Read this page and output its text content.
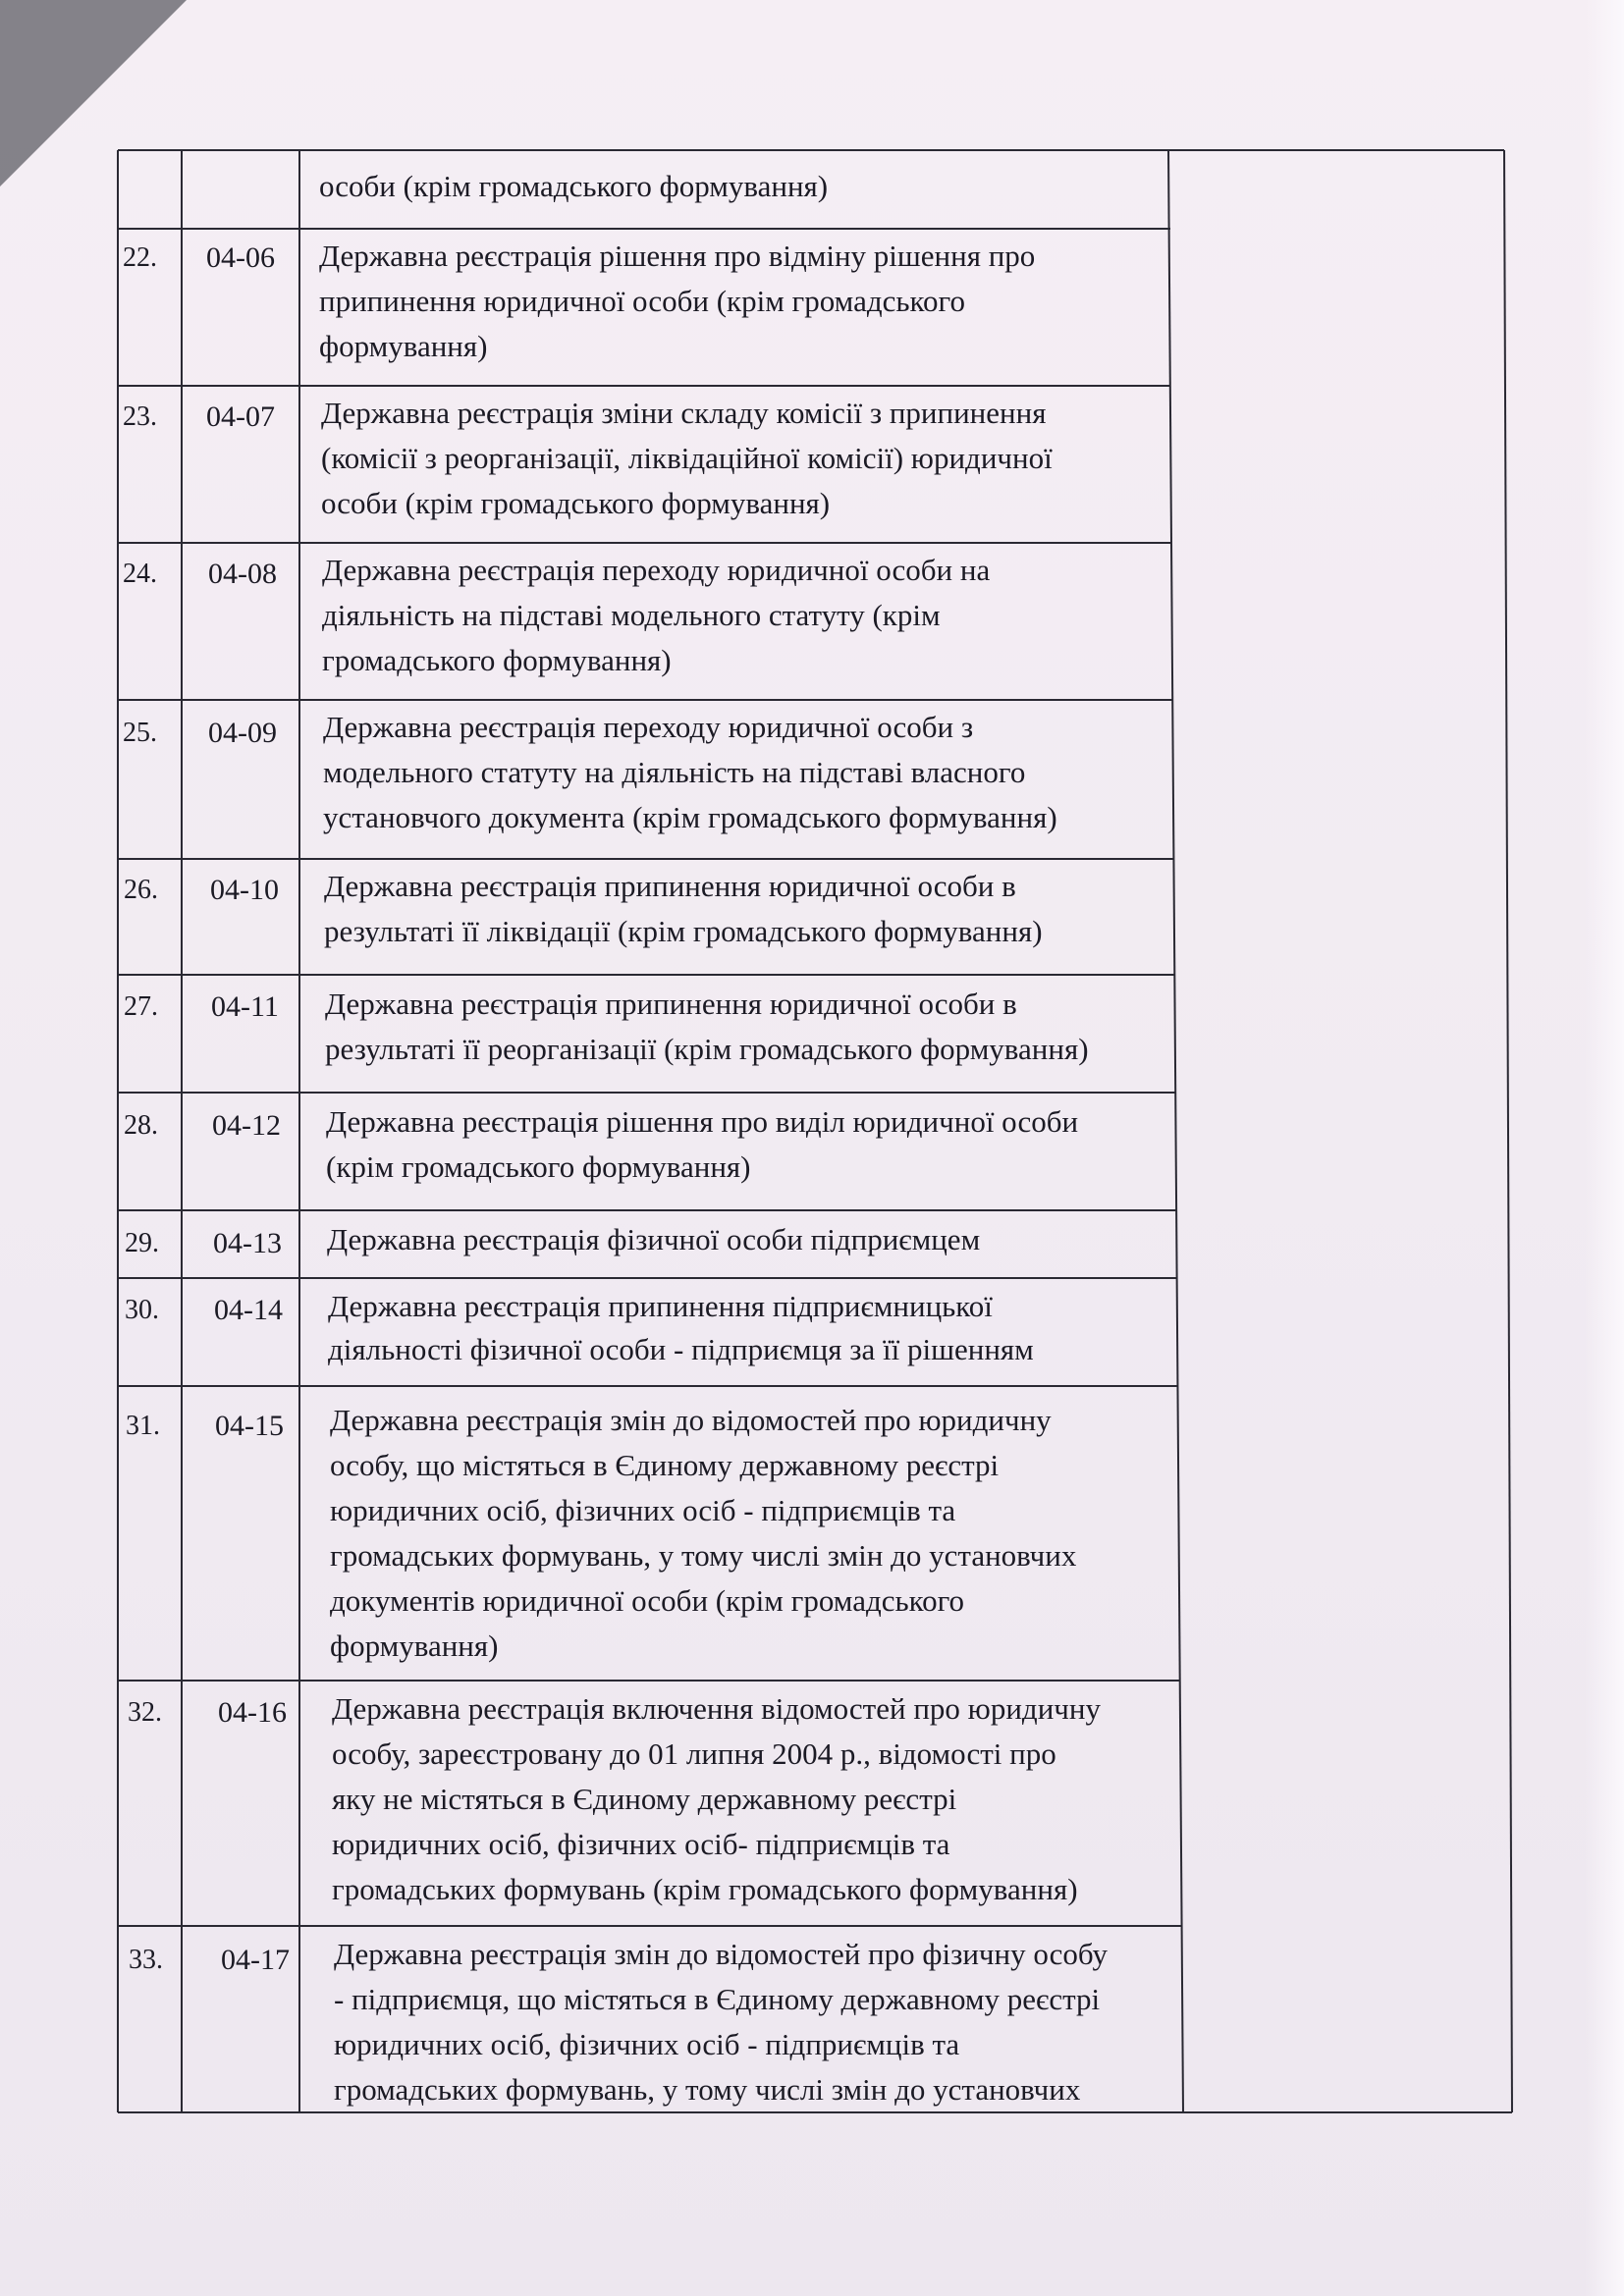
особи (крім громадського формування)
22. 04-06 Державна реєстрація рішення про відміну рішення про
припинення юридичної особи (крім громадського
формування)
23. 04-07 Державна реєстрація зміни складу комісії з припинення
(комісії з реорганізації, ліквідаційної комісії) юридичної
особи (крім громадського формування)
24. 04-08 Державна реєстрація переходу юридичної особи на
діяльність на підставі модельного статуту (крім
громадського формування)
25. 04-09 Державна реєстрація переходу юридичної особи з
модельного статуту на діяльність на підставі власного
установчого документа (крім громадського формування)
26. 04-10 Державна реєстрація припинення юридичної особи в
результаті її ліквідації (крім громадського формування)
27. 04-11 Державна реєстрація припинення юридичної особи в
результаті її реорганізації (крім громадського формування)
28. 04-12 Державна реєстрація рішення про виділ юридичної особи
(крім громадського формування)
29. 04-13 Державна реєстрація фізичної особи підприємцем
30. 04-14 Державна реєстрація припинення підприємницької
діяльності фізичної особи - підприємця за її рішенням
31. 04-15 Державна реєстрація змін до відомостей про юридичну
особу, що містяться в Єдиному державному реєстрі
юридичних осіб, фізичних осіб - підприємців та
громадських формувань, у тому числі змін до установчих
документів юридичної особи (крім громадського
формування)
32. 04-16 Державна реєстрація включення відомостей про юридичну
особу, зареєстровану до 01 липня 2004 р., відомості про
яку не містяться в Єдиному державному реєстрі
юридичних осіб, фізичних осіб- підприємців та
громадських формувань (крім громадського формування)
33. 04-17 Державна реєстрація змін до відомостей про фізичну особу
- підприємця, що містяться в Єдиному державному реєстрі
юридичних осіб, фізичних осіб - підприємців та
громадських формувань, у тому числі змін до установчих
